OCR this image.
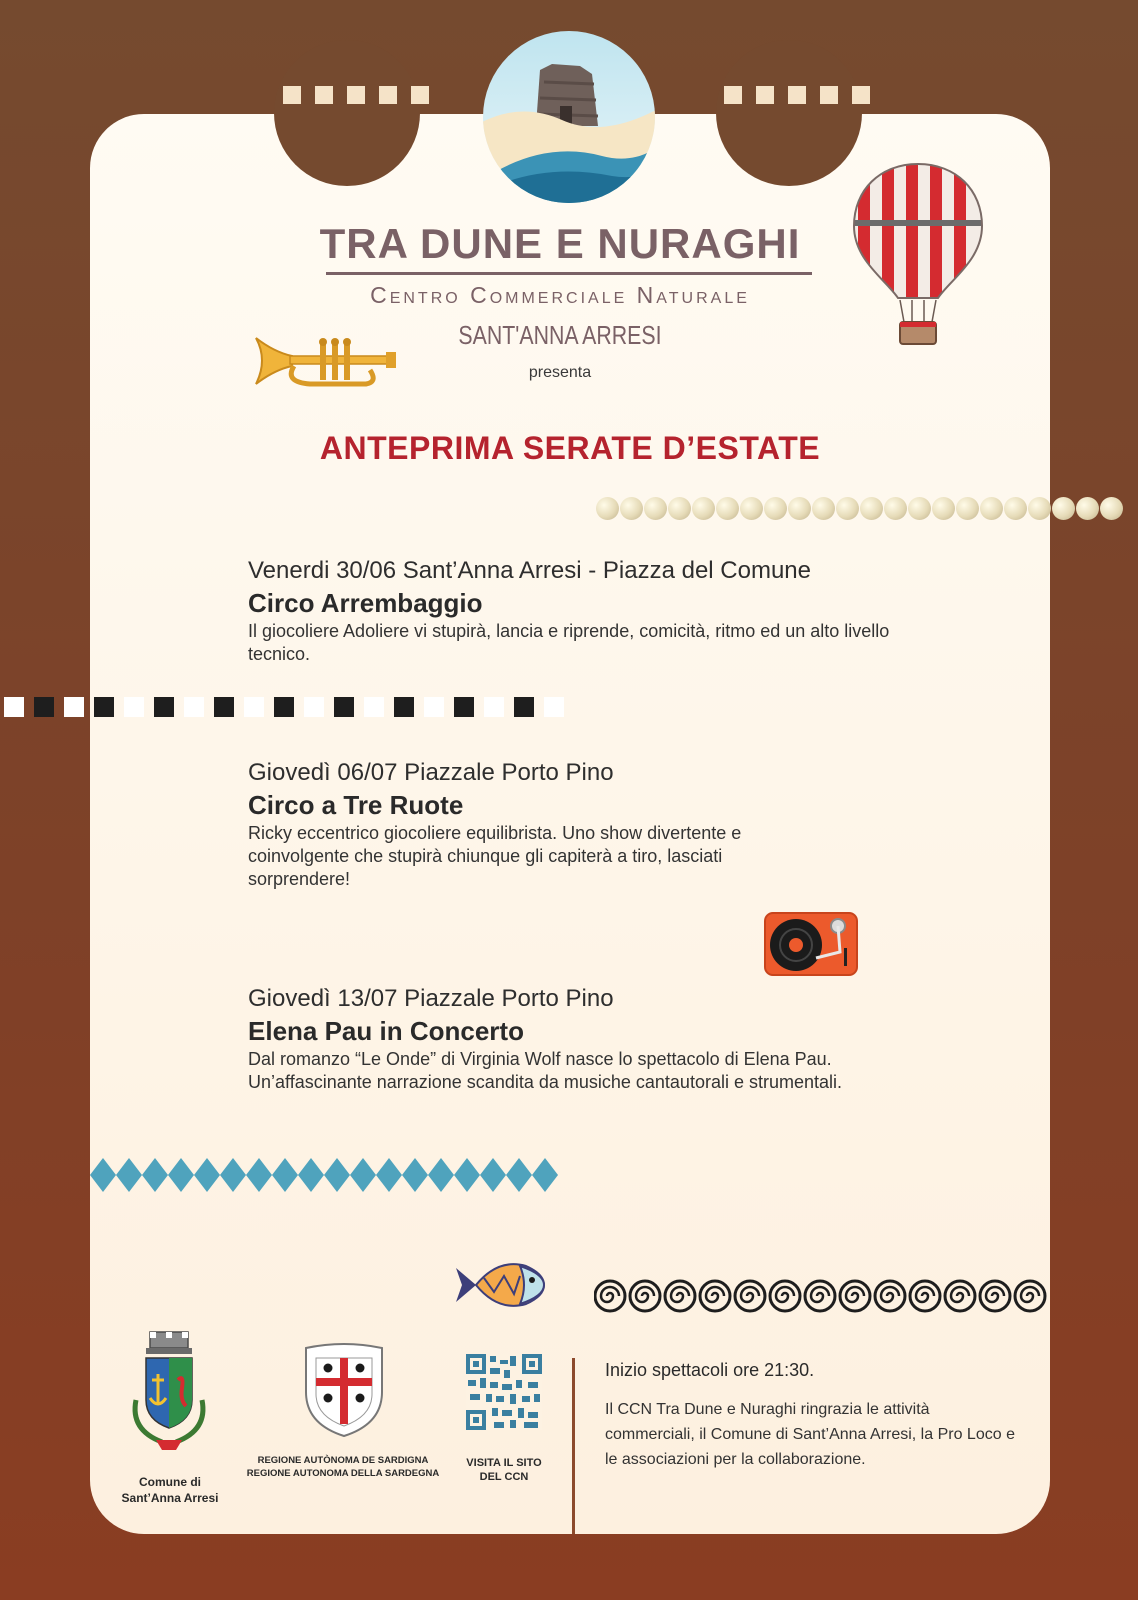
TRA DUNE E NURAGHI
Centro Commerciale Naturale
SANT'ANNA ARRESI
presenta
ANTEPRIMA SERATE D’ESTATE
Venerdi 30/06 Sant’Anna Arresi - Piazza del Comune
Circo Arrembaggio
Il giocoliere Adoliere vi stupirà, lancia e riprende, comicità, ritmo ed un alto livello tecnico.
Giovedì 06/07 Piazzale Porto Pino
Circo a Tre Ruote
Ricky eccentrico giocoliere equilibrista. Uno show divertente e coinvolgente che stupirà chiunque gli capiterà a tiro, lasciati sorprendere!
Giovedì 13/07 Piazzale Porto Pino
Elena Pau in Concerto
Dal romanzo “Le Onde” di Virginia Wolf nasce lo spettacolo di Elena Pau. Un’affascinante narrazione scandita da musiche cantautorali e strumentali.
Comune di
Sant’Anna Arresi
REGIONE AUTÒNOMA DE SARDIGNA
REGIONE AUTONOMA DELLA SARDEGNA
VISITA IL SITO
DEL CCN
Inizio spettacoli ore 21:30.
Il CCN Tra Dune e Nuraghi ringrazia le attività commerciali, il Comune di Sant’Anna Arresi, la Pro Loco e le associazioni per la collaborazione.
